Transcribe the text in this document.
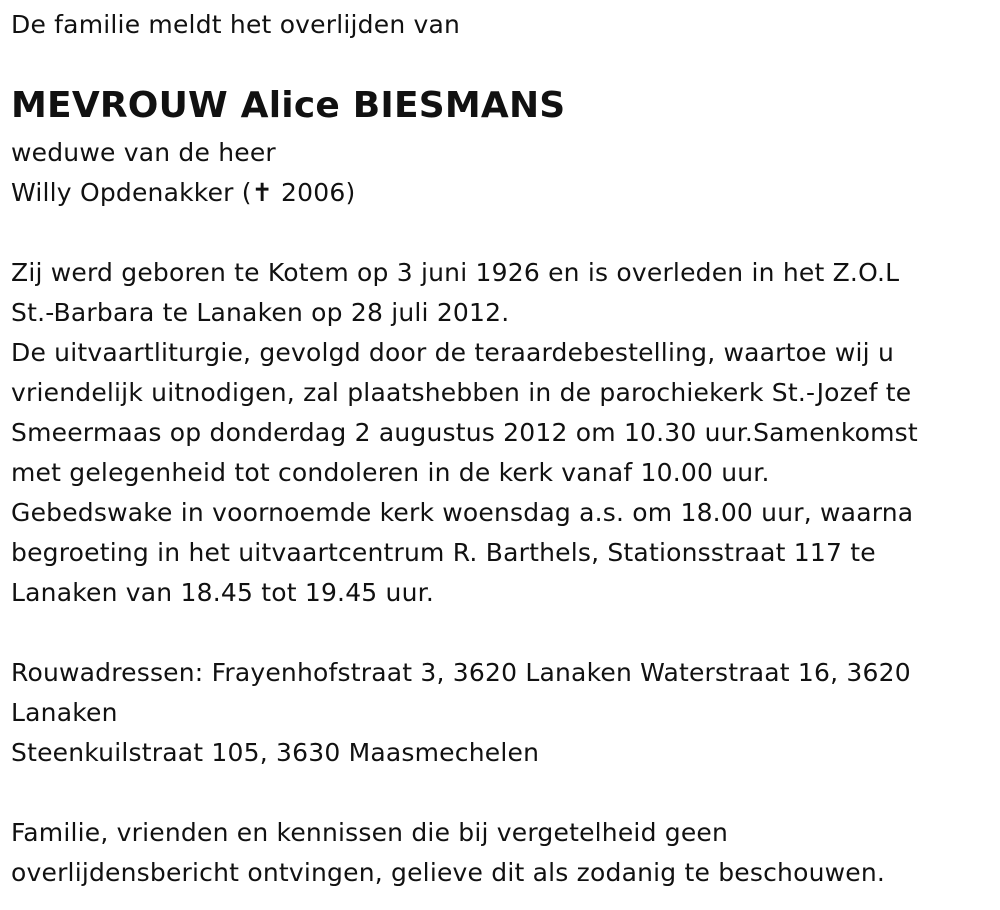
De familie meldt het overlijden van
MEVROUW Alice BIESMANS
weduwe van de heer
Willy Opdenakker (✝ 2006)
Zij werd geboren te Kotem op 3 juni 1926 en is overleden in het Z.O.L
St.-Barbara te Lanaken op 28 juli 2012.
De uitvaartliturgie, gevolgd door de teraardebestelling, waartoe wij u
vriendelijk uitnodigen, zal plaatshebben in de parochiekerk St.-Jozef te
Smeermaas op donderdag 2 augustus 2012 om 10.30 uur.Samenkomst
met gelegenheid tot condoleren in de kerk vanaf 10.00 uur.
Gebedswake in voornoemde kerk woensdag a.s. om 18.00 uur, waarna
begroeting in het uitvaartcentrum R. Barthels, Stationsstraat 117 te
Lanaken van 18.45 tot 19.45 uur.
Rouwadressen: Frayenhofstraat 3, 3620 Lanaken Waterstraat 16, 3620
Lanaken
Steenkuilstraat 105, 3630 Maasmechelen
Familie, vrienden en kennissen die bij vergetelheid geen
overlijdensbericht ontvingen, gelieve dit als zodanig te beschouwen.
